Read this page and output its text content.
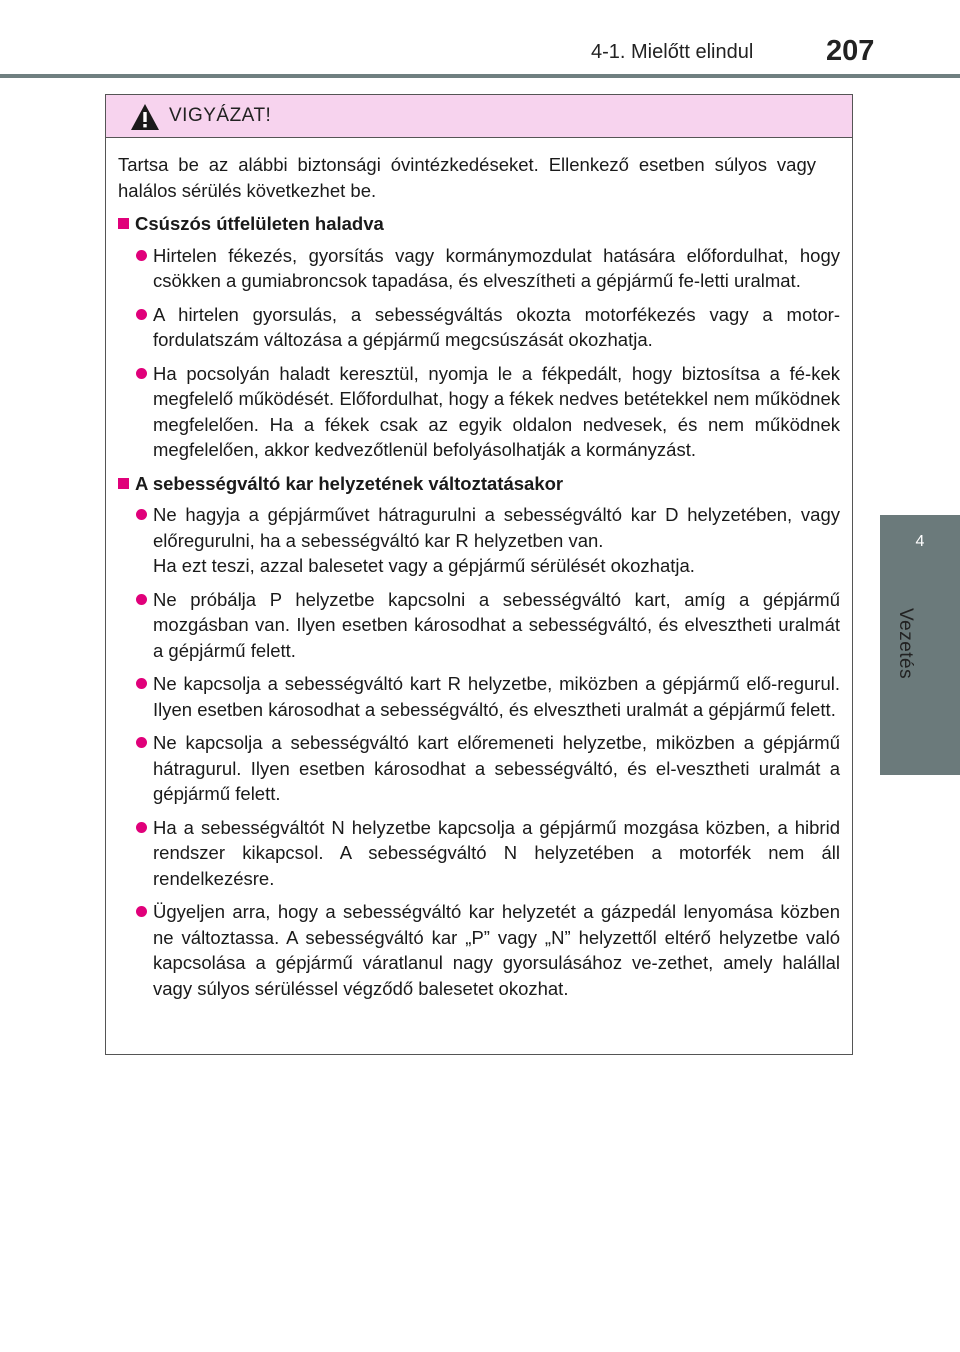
4-1. Mielőtt elindul	207
4
Vezetés
VIGYÁZAT!

Tartsa be az alábbi biztonsági óvintézkedéseket. Ellenkező esetben súlyos vagy halálos sérülés következhet be.

Csúszós útfelületen haladva
Hirtelen fékezés, gyorsítás vagy kormánymozdulat hatására előfordulhat, hogy csökken a gumiabroncsok tapadása, és elveszítheti a gépjármű fe-letti uralmat.
A hirtelen gyorsulás, a sebességváltás okozta motorfékezés vagy a motor-fordulatszám változása a gépjármű megcsúszását okozhatja.
Ha pocsolyán haladt keresztül, nyomja le a fékpedált, hogy biztosítsa a fé-kek megfelelő működését. Előfordulhat, hogy a fékek nedves betétekkel nem működnek megfelelően. Ha a fékek csak az egyik oldalon nedvesek, és nem működnek megfelelően, akkor kedvezőtlenül befolyásolhatják a kormányzást.
A sebességváltó kar helyzetének változtatásakor
Ne hagyja a gépjárművet hátragurulni a sebességváltó kar D helyzetében, vagy előregurulni, ha a sebességváltó kar R helyzetben van.
Ha ezt teszi, azzal balesetet vagy a gépjármű sérülését okozhatja.
Ne próbálja P helyzetbe kapcsolni a sebességváltó kart, amíg a gépjármű mozgásban van. Ilyen esetben károsodhat a sebességváltó, és elvesztheti uralmát a gépjármű felett.
Ne kapcsolja a sebességváltó kart R helyzetbe, miközben a gépjármű elő-regurul. Ilyen esetben károsodhat a sebességváltó, és elvesztheti uralmát a gépjármű felett.
Ne kapcsolja a sebességváltó kart előremeneti helyzetbe, miközben a gépjármű hátragurul. Ilyen esetben károsodhat a sebességváltó, és el-vesztheti uralmát a gépjármű felett.
Ha a sebességváltót N helyzetbe kapcsolja a gépjármű mozgása közben, a hibrid rendszer kikapcsol. A sebességváltó N helyzetében a motorfék nem áll rendelkezésre.
Ügyeljen arra, hogy a sebességváltó kar helyzetét a gázpedál lenyomása közben ne változtassa. A sebességváltó kar „P” vagy „N” helyzettől eltérő helyzetbe való kapcsolása a gépjármű váratlanul nagy gyorsulásához ve-zethet, amely halállal vagy súlyos sérüléssel végződő balesetet okozhat.
